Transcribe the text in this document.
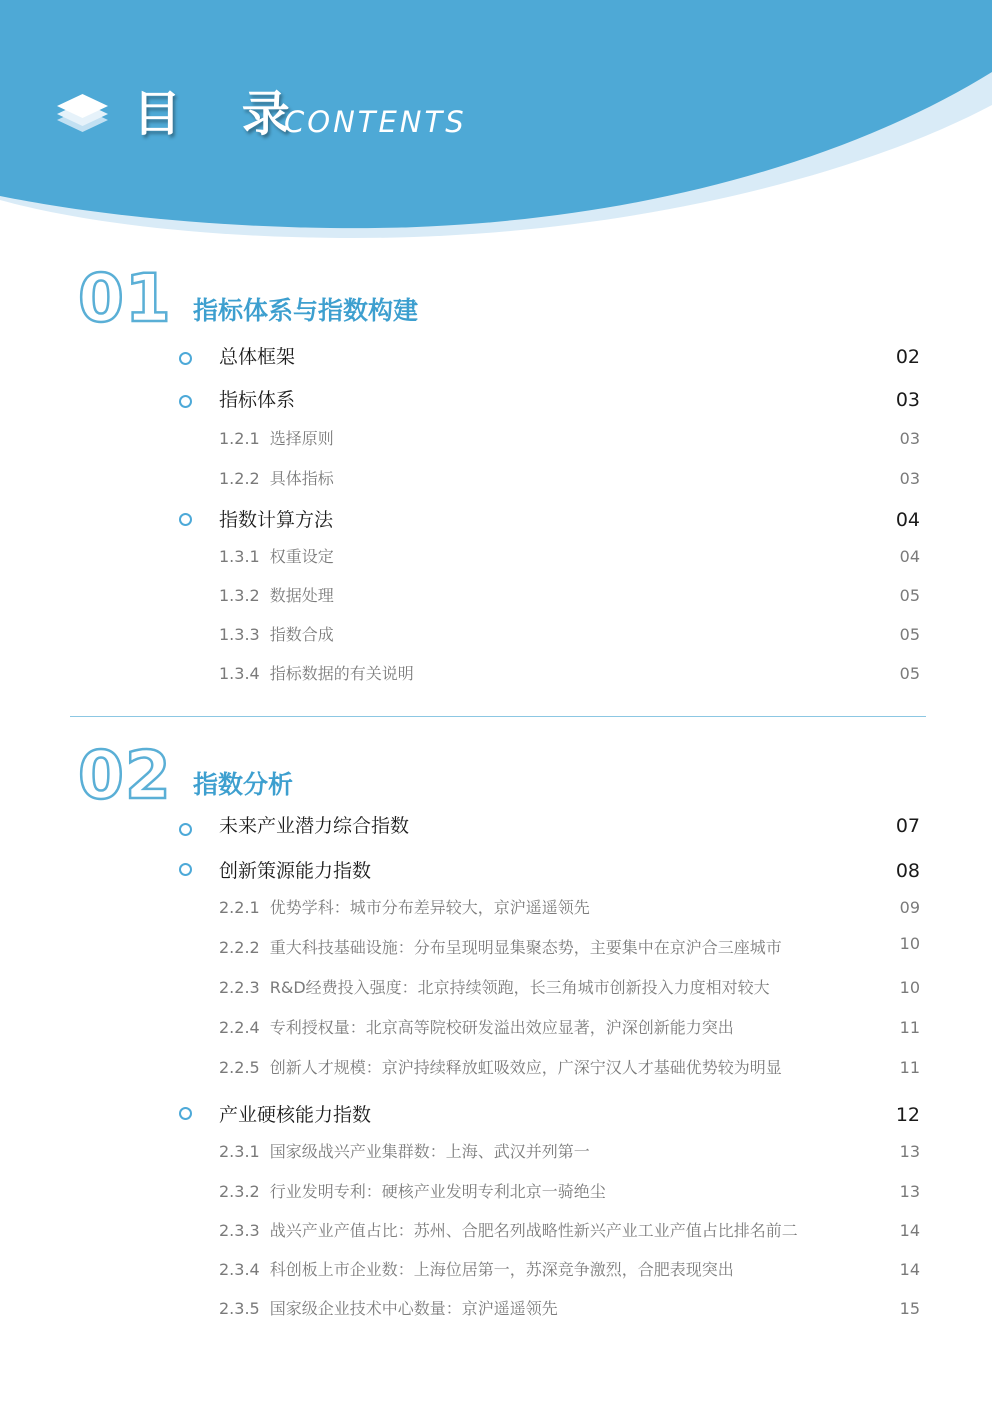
目 录
CONTENTS
01 指标体系与指数构建
总体框架	02
指标体系	03
1.2.1 选择原则	03
1.2.2 具体指标	03
指数计算方法	04
1.3.1 权重设定	04
1.3.2 数据处理	05
1.3.3 指数合成	05
1.3.4 指标数据的有关说明	05
02 指数分析
未来产业潜力综合指数	07
创新策源能力指数	08
2.2.1 优势学科：城市分布差异较大，京沪遥遥领先	09
2.2.2 重大科技基础设施：分布呈现明显集聚态势，主要集中在京沪合三座城市	10
2.2.3 R&D经费投入强度：北京持续领跑，长三角城市创新投入力度相对较大	10
2.2.4 专利授权量：北京高等院校研发溢出效应显著，沪深创新能力突出	11
2.2.5 创新人才规模：京沪持续释放虹吸效应，广深宁汉人才基础优势较为明显	11
产业硬核能力指数	12
2.3.1 国家级战兴产业集群数：上海、武汉并列第一	13
2.3.2 行业发明专利：硬核产业发明专利北京一骑绝尘	13
2.3.3 战兴产业产值占比：苏州、合肥名列战略性新兴产业工业产值占比排名前二	14
2.3.4 科创板上市企业数：上海位居第一，苏深竞争激烈，合肥表现突出	14
2.3.5 国家级企业技术中心数量：京沪遥遥领先	15
